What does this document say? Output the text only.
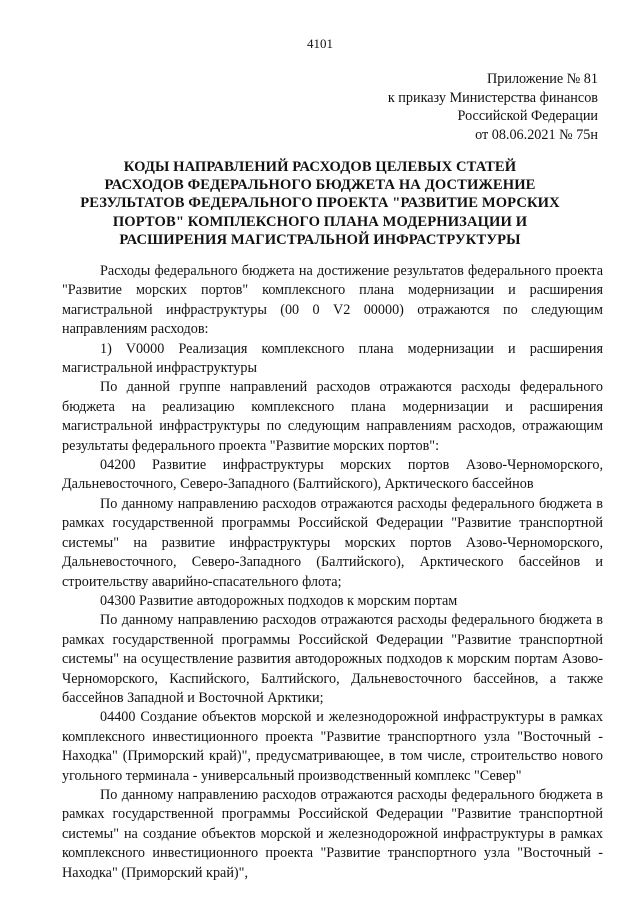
4101
Приложение № 81
к приказу Министерства финансов
Российской Федерации
от 08.06.2021 № 75н
КОДЫ НАПРАВЛЕНИЙ РАСХОДОВ ЦЕЛЕВЫХ СТАТЕЙ
РАСХОДОВ ФЕДЕРАЛЬНОГО БЮДЖЕТА НА ДОСТИЖЕНИЕ
РЕЗУЛЬТАТОВ ФЕДЕРАЛЬНОГО ПРОЕКТА "РАЗВИТИЕ МОРСКИХ
ПОРТОВ" КОМПЛЕКСНОГО ПЛАНА МОДЕРНИЗАЦИИ И
РАСШИРЕНИЯ МАГИСТРАЛЬНОЙ ИНФРАСТРУКТУРЫ

Расходы федерального бюджета на достижение результатов федерального проекта "Развитие морских портов" комплексного плана модернизации и расширения магистральной инфраструктуры (00 0 V2 00000) отражаются по следующим направлениям расходов:

1) V0000 Реализация комплексного плана модернизации и расширения магистральной инфраструктуры

По данной группе направлений расходов отражаются расходы федерального бюджета на реализацию комплексного плана модернизации и расширения магистральной инфраструктуры по следующим направлениям расходов, отражающим результаты федерального проекта "Развитие морских портов":

04200 Развитие инфраструктуры морских портов Азово-Черноморского, Дальневосточного, Северо-Западного (Балтийского), Арктического бассейнов

По данному направлению расходов отражаются расходы федерального бюджета в рамках государственной программы Российской Федерации "Развитие транспортной системы" на развитие инфраструктуры морских портов Азово-Черноморского, Дальневосточного, Северо-Западного (Балтийского), Арктического бассейнов и строительству аварийно-спасательного флота;

04300 Развитие автодорожных подходов к морским портам

По данному направлению расходов отражаются расходы федерального бюджета в рамках государственной программы Российской Федерации "Развитие транспортной системы" на осуществление развития автодорожных подходов к морским портам Азово-Черноморского, Каспийского, Балтийского, Дальневосточного бассейнов, а также бассейнов Западной и Восточной Арктики;

04400 Создание объектов морской и железнодорожной инфраструктуры в рамках комплексного инвестиционного проекта "Развитие транспортного узла "Восточный - Находка" (Приморский край)", предусматривающее, в том числе, строительство нового угольного терминала - универсальный производственный комплекс "Север"

По данному направлению расходов отражаются расходы федерального бюджета в рамках государственной программы Российской Федерации "Развитие транспортной системы" на создание объектов морской и железнодорожной инфраструктуры в рамках комплексного инвестиционного проекта "Развитие транспортного узла "Восточный - Находка" (Приморский край)",
